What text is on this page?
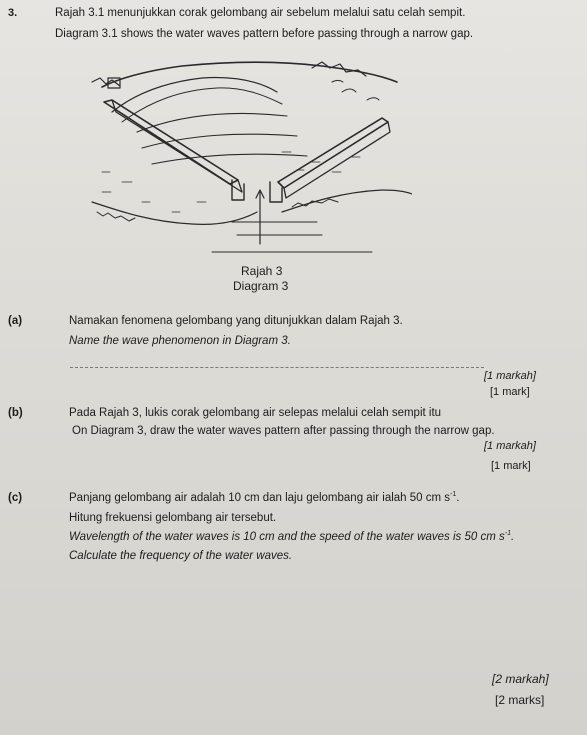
3.	Rajah 3.1 menunjukkan corak gelombang air sebelum melalui satu celah sempit.
Diagram 3.1 shows the water waves pattern before passing through a narrow gap.
Rajah 3
Diagram 3
(a)	Namakan fenomena gelombang yang ditunjukkan dalam Rajah 3.
Name the wave phenomenon in Diagram 3.
[1 markah]
[1 mark]
(b)	Pada Rajah 3, lukis corak gelombang air selepas melalui celah sempit itu
On Diagram 3, draw the water waves pattern after passing through the narrow gap.
[1 markah]
[1 mark]
(c)	Panjang gelombang air adalah 10 cm dan laju gelombang air ialah 50 cm $s^{-1}$.
Hitung frekuensi gelombang air tersebut.
Wavelength of the water waves is 10 cm and the speed of the water waves is 50 cm $s^{-1}$.
Calculate the frequency of the water waves.
[2 markah]
[2 marks]
